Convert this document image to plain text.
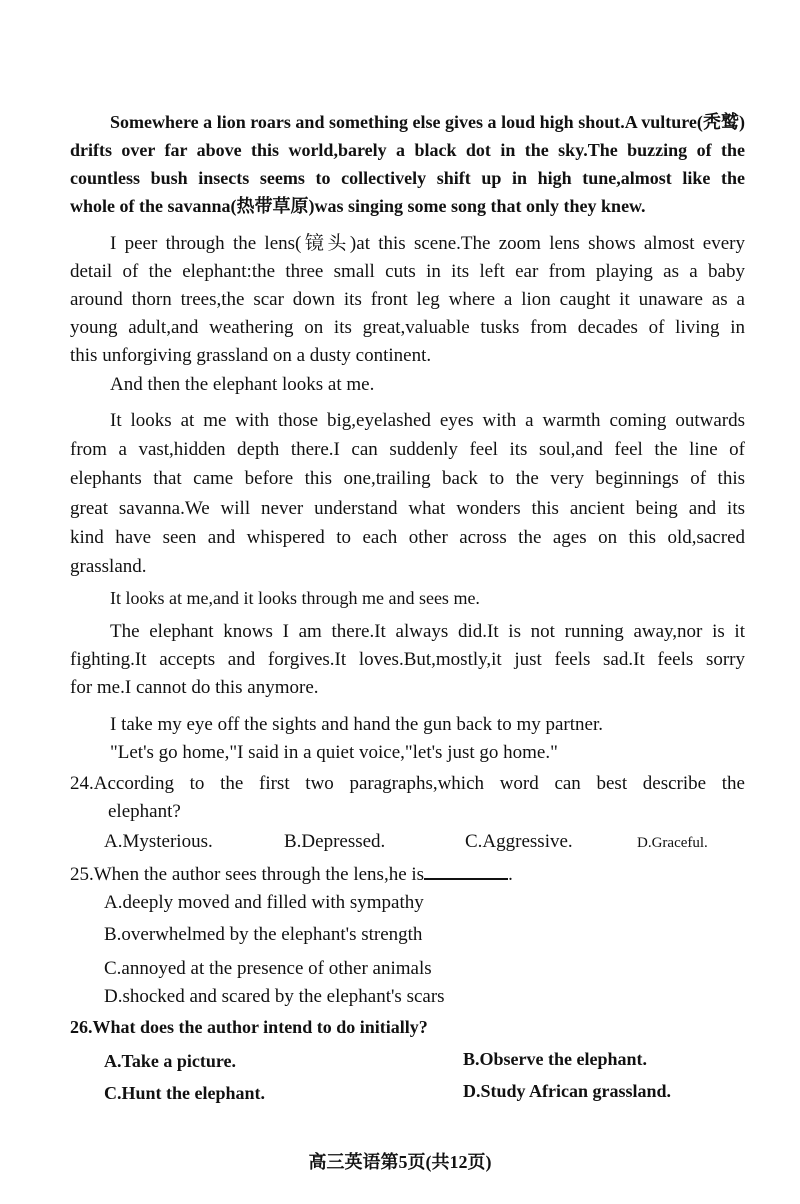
Somewhere a lion roars and something else gives a loud high shout.A vulture(秃鹫)
drifts over far above this world,barely a black dot in the sky.The buzzing of the
countless bush insects seems to collectively shift up in high tune,almost like the
whole of the savanna(热带草原)was singing some song that only they knew.
I peer through the lens(镜头)at this scene.The zoom lens shows almost every
detail of the elephant:the three small cuts in its left ear from playing as a baby
around thorn trees,the scar down its front leg where a lion caught it unaware as a
young adult,and weathering on its great,valuable tusks from decades of living in
this unforgiving grassland on a dusty continent.
And then the elephant looks at me.
It looks at me with those big,eyelashed eyes with a warmth coming outwards
from a vast,hidden depth there.I can suddenly feel its soul,and feel the line of
elephants that came before this one,trailing back to the very beginnings of this
great savanna.We will never understand what wonders this ancient being and its
kind have seen and whispered to each other across the ages on this old,sacred
grassland.
It looks at me,and it looks through me and sees me.
The elephant knows I am there.It always did.It is not running away,nor is it
fighting.It accepts and forgives.It loves.But,mostly,it just feels sad.It feels sorry
for me.I cannot do this anymore.
I take my eye off the sights and hand the gun back to my partner.
"Let's go home,"I said in a quiet voice,"let's just go home."
24.According to the first two paragraphs,which word can best describe the
elephant?
A.Mysterious.	B.Depressed.	C.Aggressive.	D.Graceful.
25.When the author sees through the lens,he is	.
A.deeply moved and filled with sympathy
B.overwhelmed by the elephant's strength
C.annoyed at the presence of other animals
D.shocked and scared by the elephant's scars
26.What does the author intend to do initially?
A.Take a picture.	B.Observe the elephant.
C.Hunt the elephant.	D.Study African grassland.
高三英语第5页(共12页)
